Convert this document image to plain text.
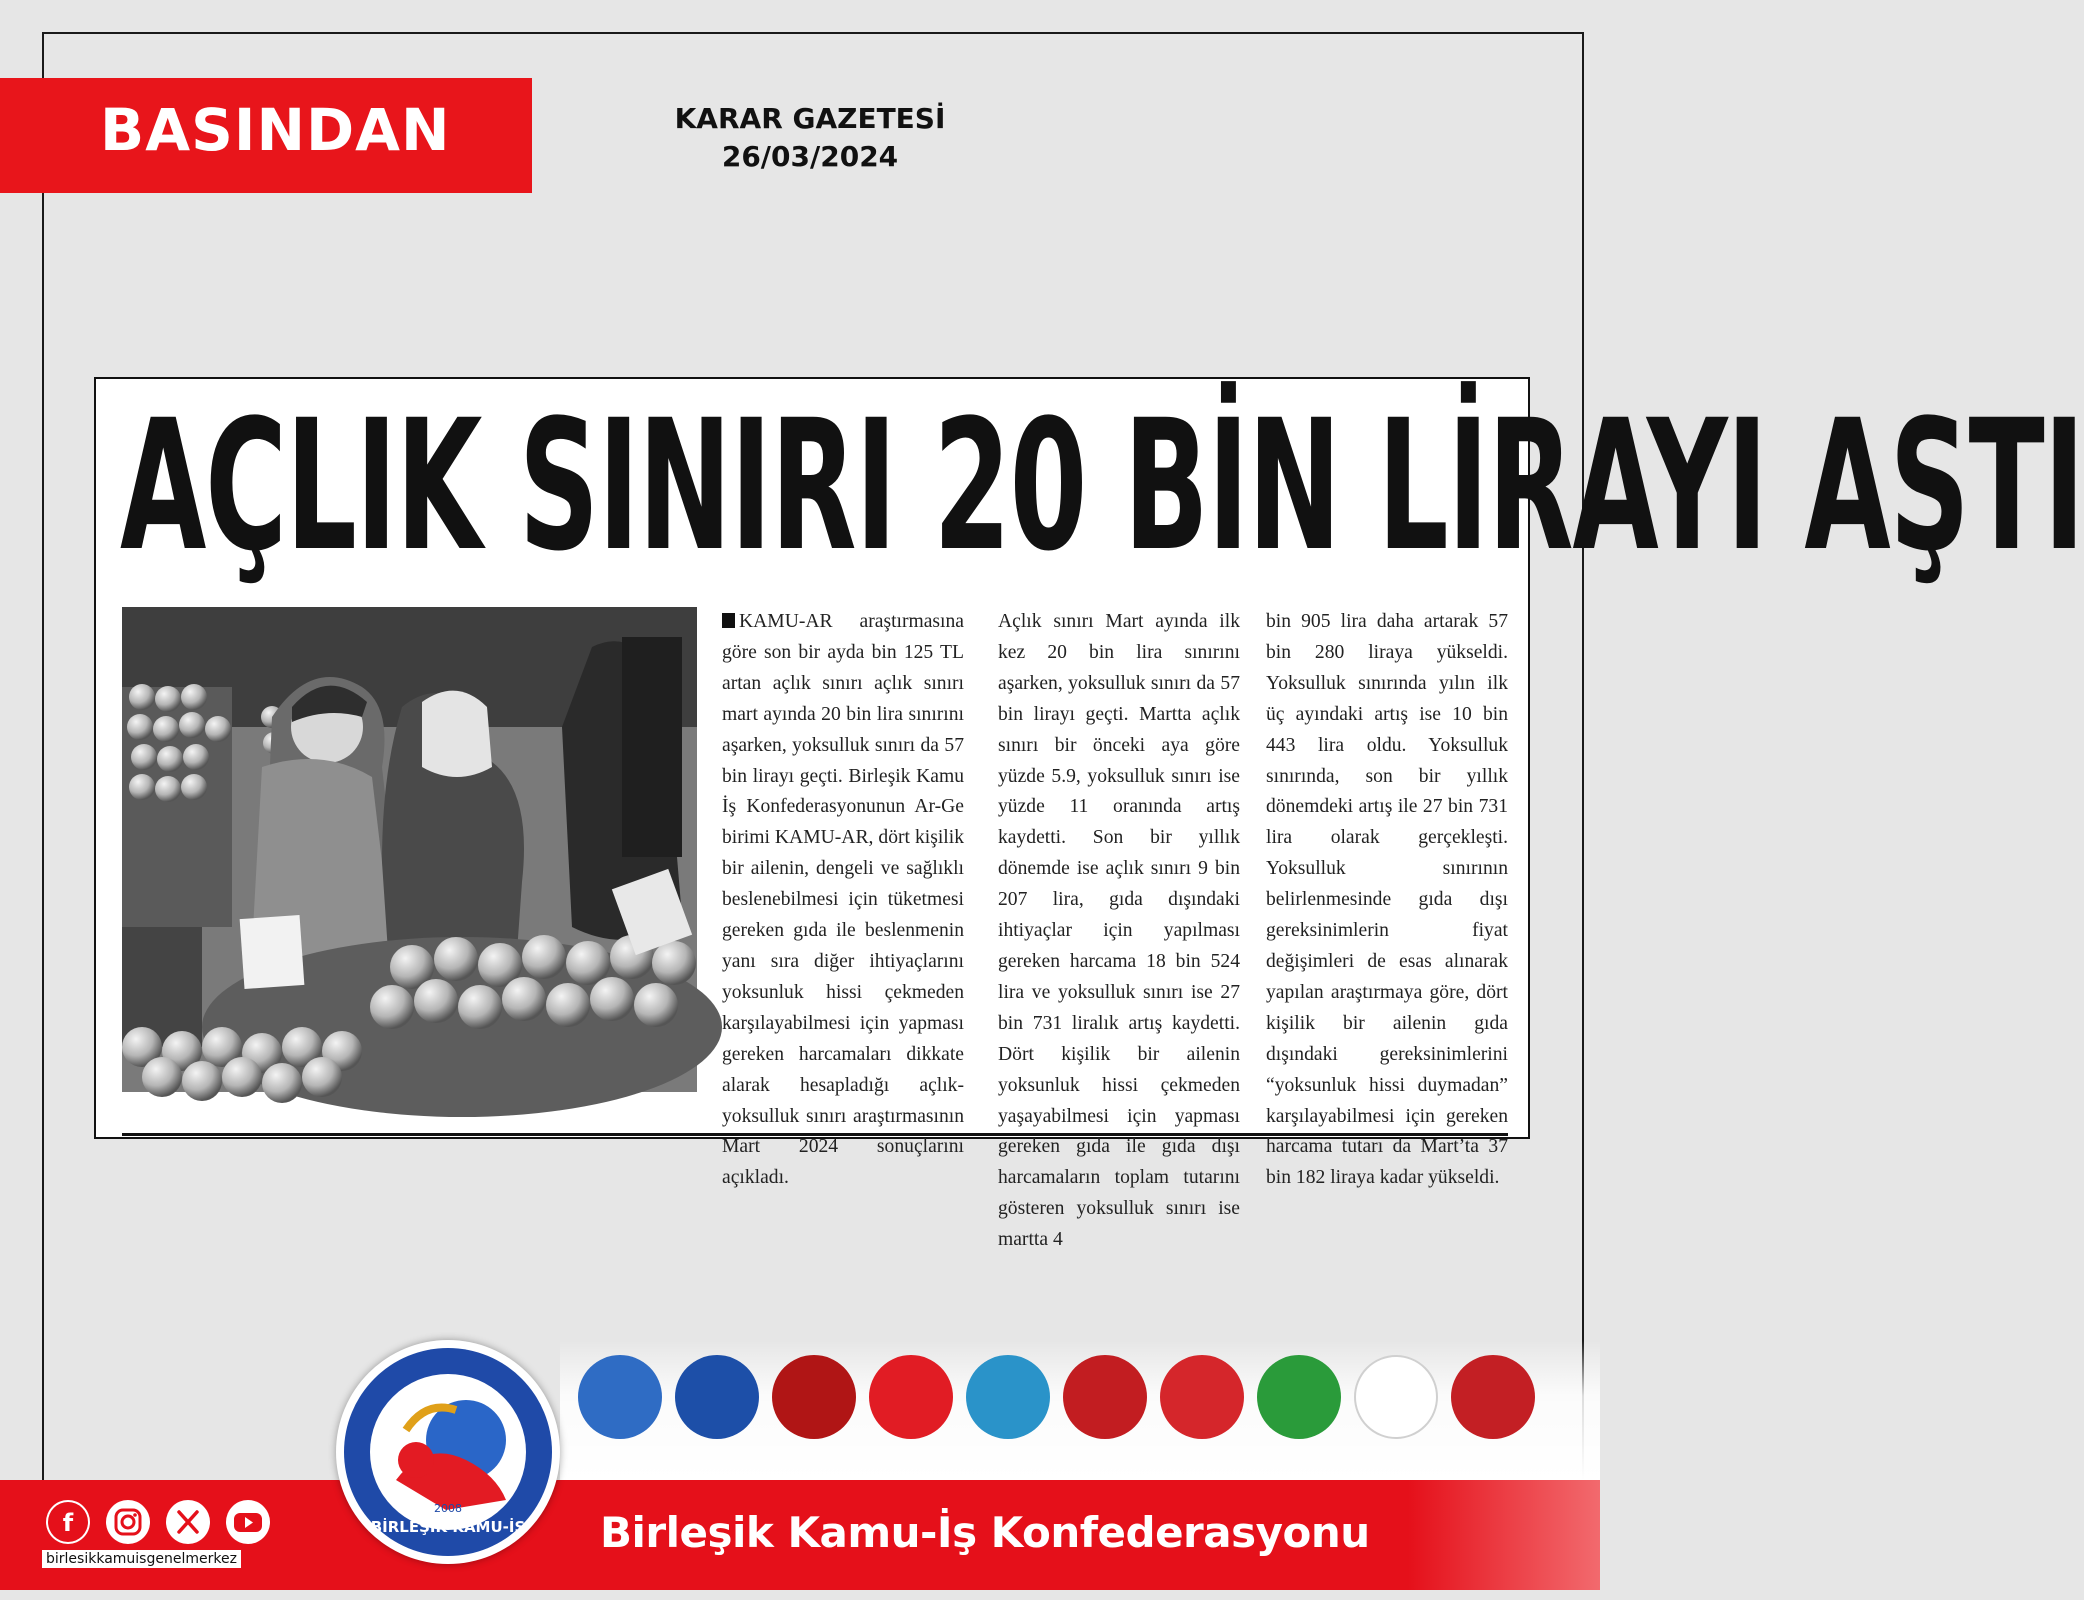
BASINDAN	KARAR GAZETESİ
26/03/2024
AÇLIK SINIRI 20 BİN LİRAYI AŞTI
KAMU-AR araştırmasına göre son bir ayda bin 125 TL artan açlık sınırı açlık sınırı mart ayında 20 bin lira sınırını aşarken, yoksulluk sınırı da 57 bin lirayı geçti. Birleşik Kamu İş Konfederasyonunun Ar-Ge birimi KAMU-AR, dört kişilik bir ailenin, dengeli ve sağlıklı beslenebilmesi için tüketmesi gereken gıda ile beslenmenin yanı sıra diğer ihtiyaçlarını yoksunluk hissi çekmeden karşılayabilmesi için yapması gereken harcamaları dikkate alarak hesapladığı açlık-yoksulluk sınırı araştırmasının Mart 2024 sonuçlarını açıkladı.
Açlık sınırı Mart ayında ilk kez 20 bin lira sınırını aşarken, yoksulluk sınırı da 57 bin lirayı geçti. Martta açlık sınırı bir önceki aya göre yüzde 5.9, yoksulluk sınırı ise yüzde 11 oranında artış kaydetti. Son bir yıllık dönemde ise açlık sınırı 9 bin 207 lira, gıda dışındaki ihtiyaçlar için yapılması gereken harcama 18 bin 524 lira ve yoksulluk sınırı ise 27 bin 731 liralık artış kaydetti. Dört kişilik bir ailenin yoksunluk hissi çekmeden yaşayabilmesi için yapması gereken gıda ile gıda dışı harcamaların toplam tutarını gösteren yoksulluk sınırı ise martta 4
bin 905 lira daha artarak 57 bin 280 liraya yükseldi. Yoksulluk sınırında yılın ilk üç ayındaki artış ise 10 bin 443 lira oldu. Yoksulluk sınırında, son bir yıllık dönemdeki artış ile 27 bin 731 lira olarak gerçekleşti. Yoksulluk sınırının belirlenmesinde gıda dışı gereksinimlerin fiyat değişimleri de esas alınarak yapılan araştırmaya göre, dört kişilik bir ailenin gıda dışındaki gereksinimlerini “yoksunluk hissi duymadan” karşılayabilmesi için gereken harcama tutarı da Mart’ta 37 bin 182 liraya kadar yükseldi.
BİRLEŞİK KAMU-İŞ
2008	Birleşik Kamu-İş Konfederasyonu
f
birlesikkamuisgenelmerkez
